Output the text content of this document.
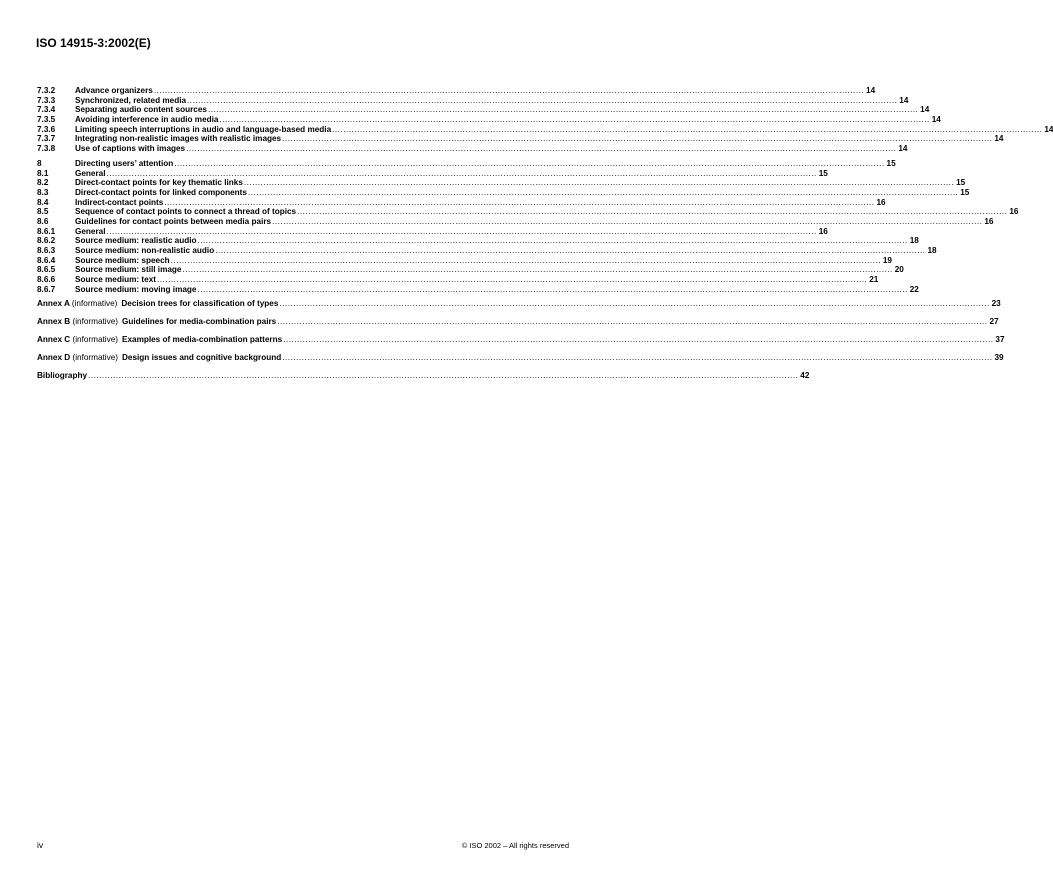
ISO 14915-3:2002(E)
7.3.2	Advance organizers .....	14
7.3.3	Synchronized, related media .....	14
7.3.4	Separating audio content sources .....	14
7.3.5	Avoiding interference in audio media .....	14
7.3.6	Limiting speech interruptions in audio and language-based media .....	14
7.3.7	Integrating non-realistic images with realistic images .....	14
7.3.8	Use of captions with images .....	14
8	Directing users’ attention .....	15
8.1	General .....	15
8.2	Direct-contact points for key thematic links .....	15
8.3	Direct-contact points for linked components .....	15
8.4	Indirect-contact points .....	16
8.5	Sequence of contact points to connect a thread of topics .....	16
8.6	Guidelines for contact points between media pairs .....	16
8.6.1	General .....	16
8.6.2	Source medium: realistic audio .....	18
8.6.3	Source medium: non-realistic audio .....	18
8.6.4	Source medium: speech .....	19
8.6.5	Source medium: still image .....	20
8.6.6	Source medium: text .....	21
8.6.7	Source medium: moving image .....	22
Annex A (informative) Decision trees for classification of types .....	23
Annex B (informative) Guidelines for media-combination pairs .....	27
Annex C (informative) Examples of media-combination patterns .....	37
Annex D (informative) Design issues and cognitive background .....	39
Bibliography .....	42
iv	© ISO 2002 – All rights reserved
